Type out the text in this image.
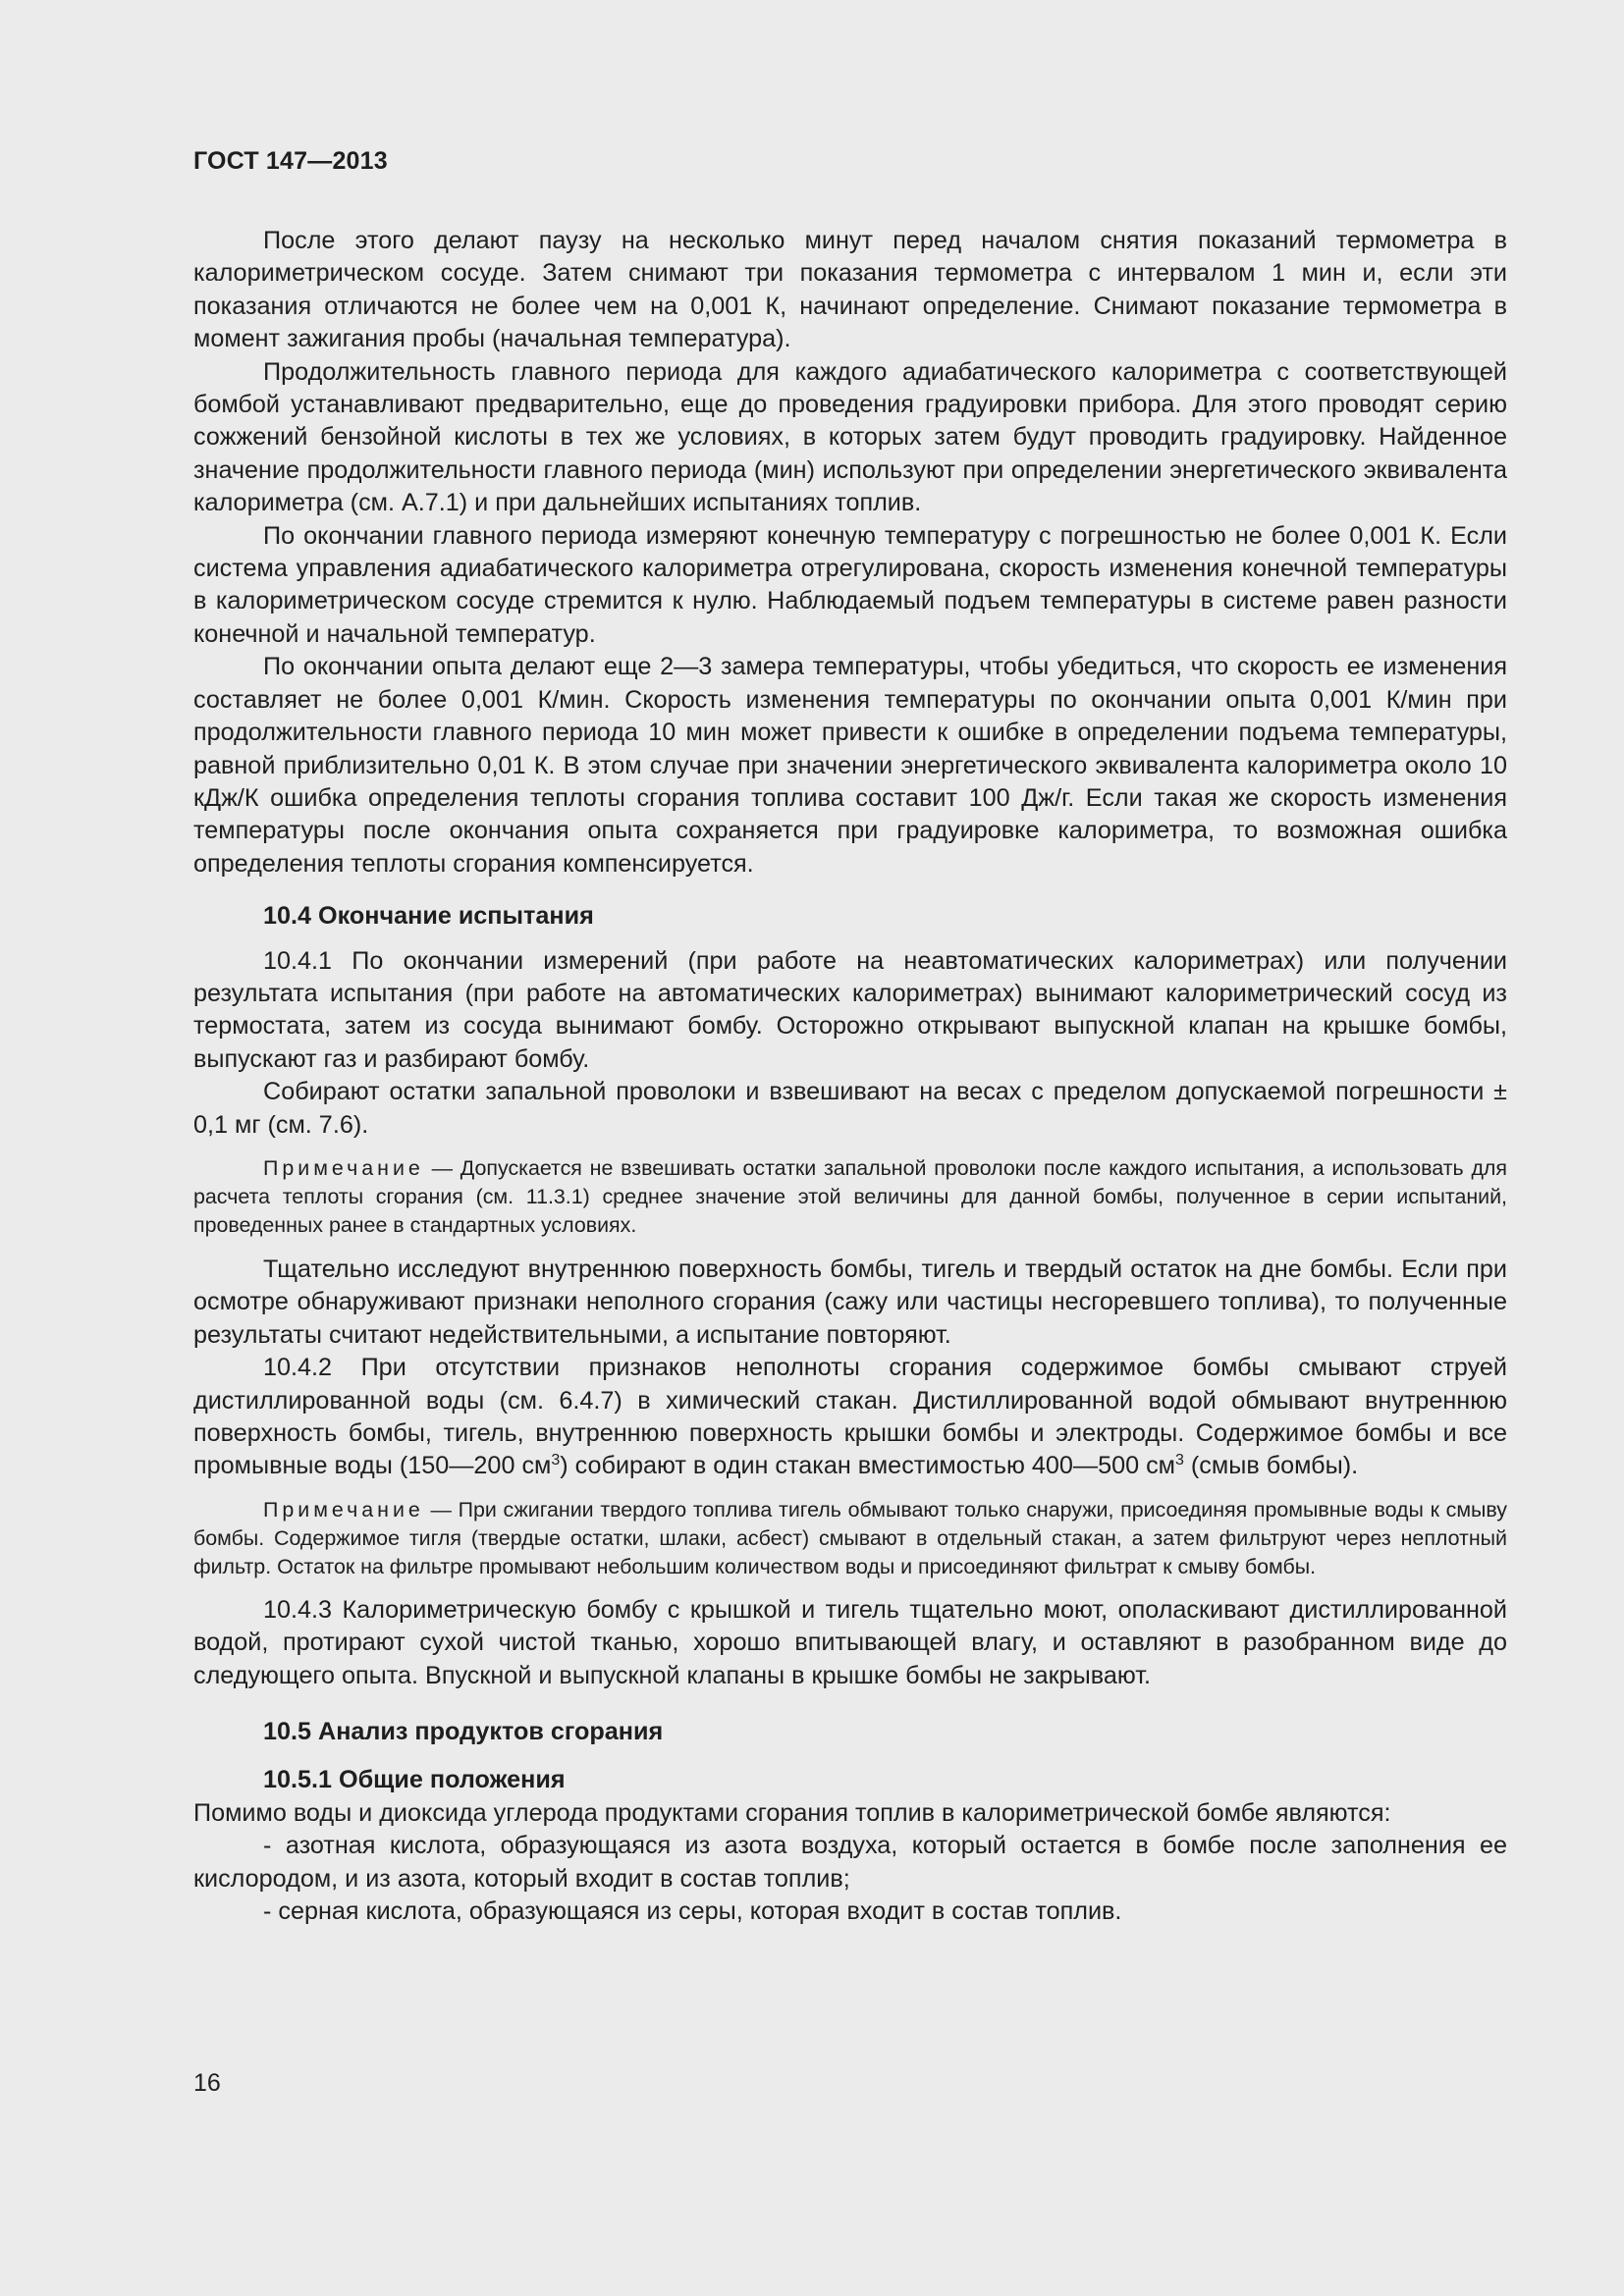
ГОСТ 147—2013

После этого делают паузу на несколько минут перед началом снятия показаний термометра в калориметрическом сосуде. Затем снимают три показания термометра с интервалом 1 мин и, если эти показания отличаются не более чем на 0,001 К, начинают определение. Снимают показание термометра в момент зажигания пробы (начальная температура).

Продолжительность главного периода для каждого адиабатического калориметра с соответствующей бомбой устанавливают предварительно, еще до проведения градуировки прибора. Для этого проводят серию сожжений бензойной кислоты в тех же условиях, в которых затем будут проводить градуировку. Найденное значение продолжительности главного периода (мин) используют при определении энергетического эквивалента калориметра (см. А.7.1) и при дальнейших испытаниях топлив.

По окончании главного периода измеряют конечную температуру с погрешностью не более 0,001 К. Если система управления адиабатического калориметра отрегулирована, скорость изменения конечной температуры в калориметрическом сосуде стремится к нулю. Наблюдаемый подъем температуры в системе равен разности конечной и начальной температур.

По окончании опыта делают еще 2—3 замера температуры, чтобы убедиться, что скорость ее изменения составляет не более 0,001 К/мин. Скорость изменения температуры по окончании опыта 0,001 К/мин при продолжительности главного периода 10 мин может привести к ошибке в определении подъема температуры, равной приблизительно 0,01 К. В этом случае при значении энергетического эквивалента калориметра около 10 кДж/К ошибка определения теплоты сгорания топлива составит 100 Дж/г. Если такая же скорость изменения температуры после окончания опыта сохраняется при градуировке калориметра, то возможная ошибка определения теплоты сгорания компенсируется.

10.4 Окончание испытания

10.4.1 По окончании измерений (при работе на неавтоматических калориметрах) или получении результата испытания (при работе на автоматических калориметрах) вынимают калориметрический сосуд из термостата, затем из сосуда вынимают бомбу. Осторожно открывают выпускной клапан на крышке бомбы, выпускают газ и разбирают бомбу.

Собирают остатки запальной проволоки и взвешивают на весах с пределом допускаемой погрешности ± 0,1 мг (см. 7.6).

Примечание — Допускается не взвешивать остатки запальной проволоки после каждого испытания, а использовать для расчета теплоты сгорания (см. 11.3.1) среднее значение этой величины для данной бомбы, полученное в серии испытаний, проведенных ранее в стандартных условиях.

Тщательно исследуют внутреннюю поверхность бомбы, тигель и твердый остаток на дне бомбы. Если при осмотре обнаруживают признаки неполного сгорания (сажу или частицы несгоревшего топлива), то полученные результаты считают недействительными, а испытание повторяют.

10.4.2 При отсутствии признаков неполноты сгорания содержимое бомбы смывают струей дистиллированной воды (см. 6.4.7) в химический стакан. Дистиллированной водой обмывают внутреннюю поверхность бомбы, тигель, внутреннюю поверхность крышки бомбы и электроды. Содержимое бомбы и все промывные воды (150—200 $см^3$) собирают в один стакан вместимостью 400—500 $см^3$ (смыв бомбы).

Примечание — При сжигании твердого топлива тигель обмывают только снаружи, присоединяя промывные воды к смыву бомбы. Содержимое тигля (твердые остатки, шлаки, асбест) смывают в отдельный стакан, а затем фильтруют через неплотный фильтр. Остаток на фильтре промывают небольшим количеством воды и присоединяют фильтрат к смыву бомбы.

10.4.3 Калориметрическую бомбу с крышкой и тигель тщательно моют, ополаскивают дистиллированной водой, протирают сухой чистой тканью, хорошо впитывающей влагу, и оставляют в разобранном виде до следующего опыта. Впускной и выпускной клапаны в крышке бомбы не закрывают.

10.5 Анализ продуктов сгорания

10.5.1 Общие положения

Помимо воды и диоксида углерода продуктами сгорания топлив в калориметрической бомбе являются:

- азотная кислота, образующаяся из азота воздуха, который остается в бомбе после заполнения ее кислородом, и из азота, который входит в состав топлив;

- серная кислота, образующаяся из серы, которая входит в состав топлив.

16
